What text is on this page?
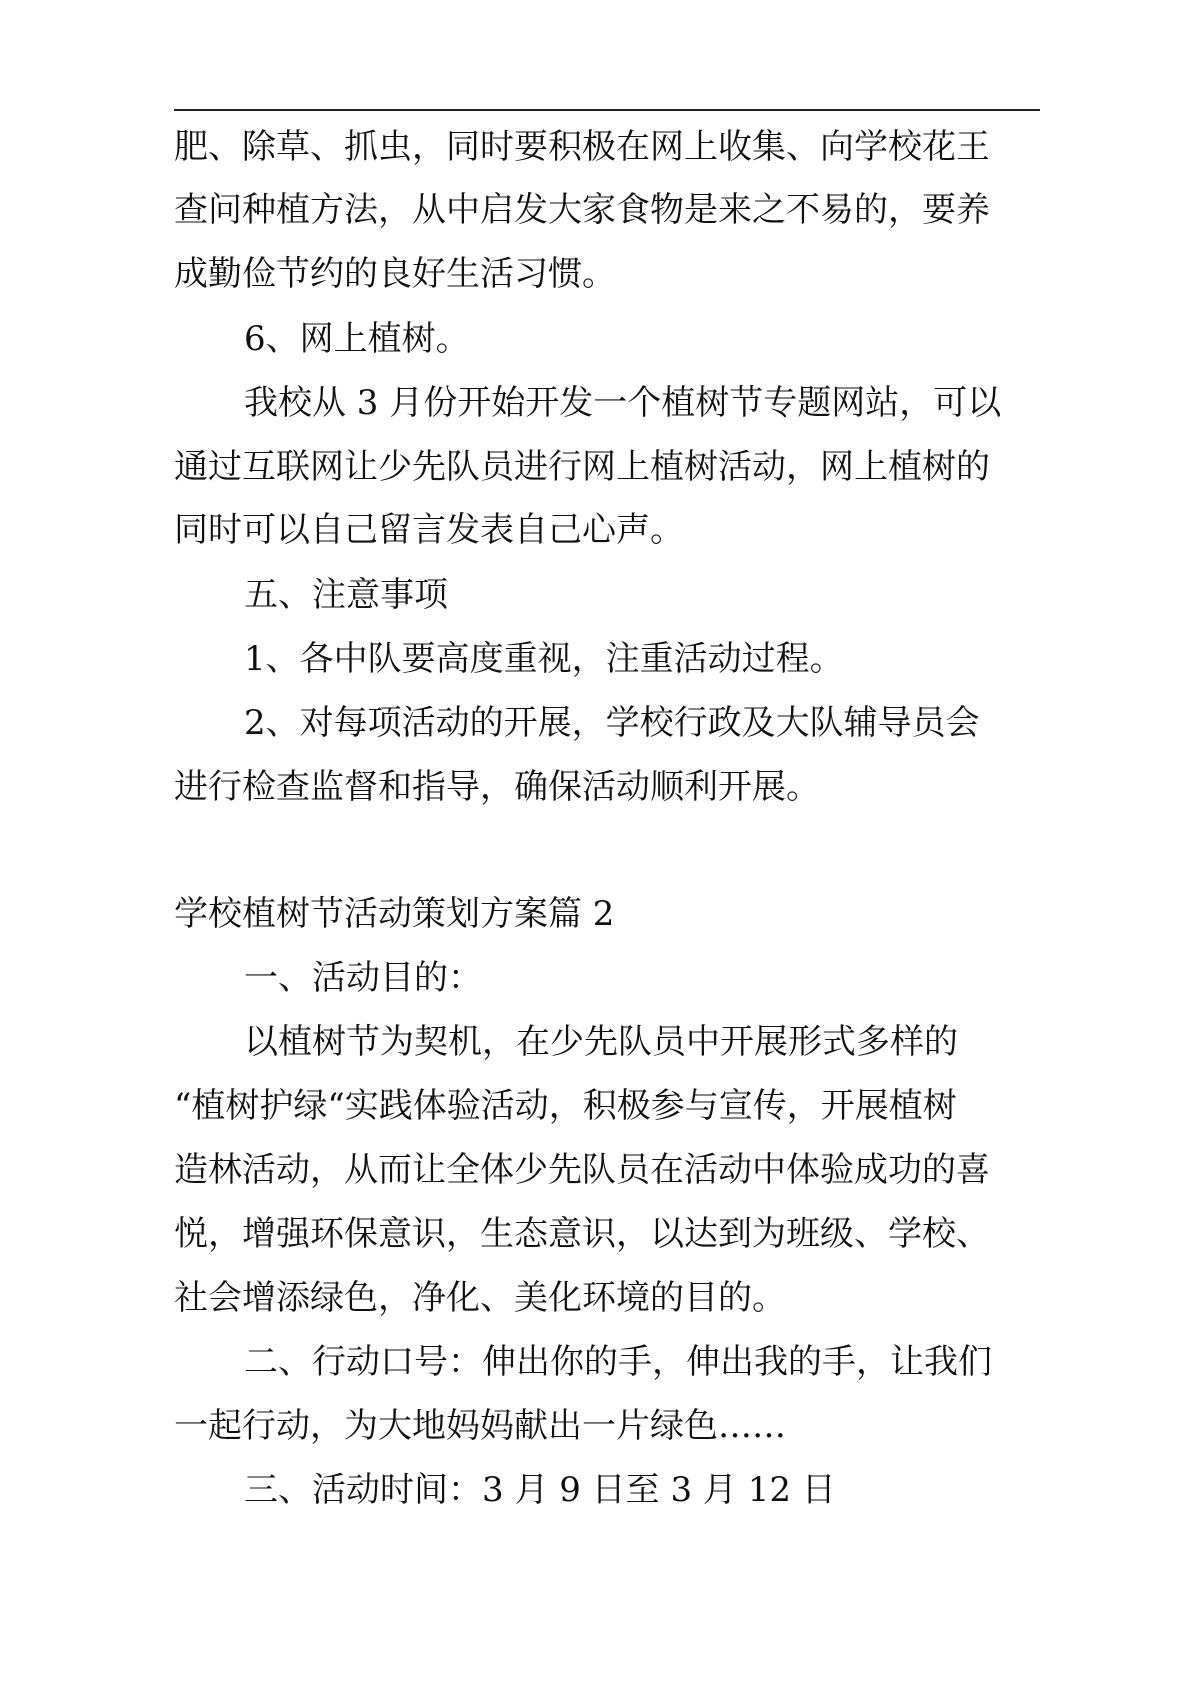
肥、除草、抓虫，同时要积极在网上收集、向学校花王
查问种植方法，从中启发大家食物是来之不易的，要养
成勤俭节约的良好生活习惯。
6、网上植树。
我校从 3 月份开始开发一个植树节专题网站，可以
通过互联网让少先队员进行网上植树活动，网上植树的
同时可以自己留言发表自己心声。
五、注意事项
1、各中队要高度重视，注重活动过程。
2、对每项活动的开展，学校行政及大队辅导员会
进行检查监督和指导，确保活动顺利开展。
学校植树节活动策划方案篇 2
一、活动目的：
以植树节为契机，在少先队员中开展形式多样的
“植树护绿“实践体验活动，积极参与宣传，开展植树
造林活动，从而让全体少先队员在活动中体验成功的喜
悦，增强环保意识，生态意识，以达到为班级、学校、
社会增添绿色，净化、美化环境的目的。
二、行动口号：伸出你的手，伸出我的手，让我们
一起行动，为大地妈妈献出一片绿色……
三、活动时间：3 月 9 日至 3 月 12 日
